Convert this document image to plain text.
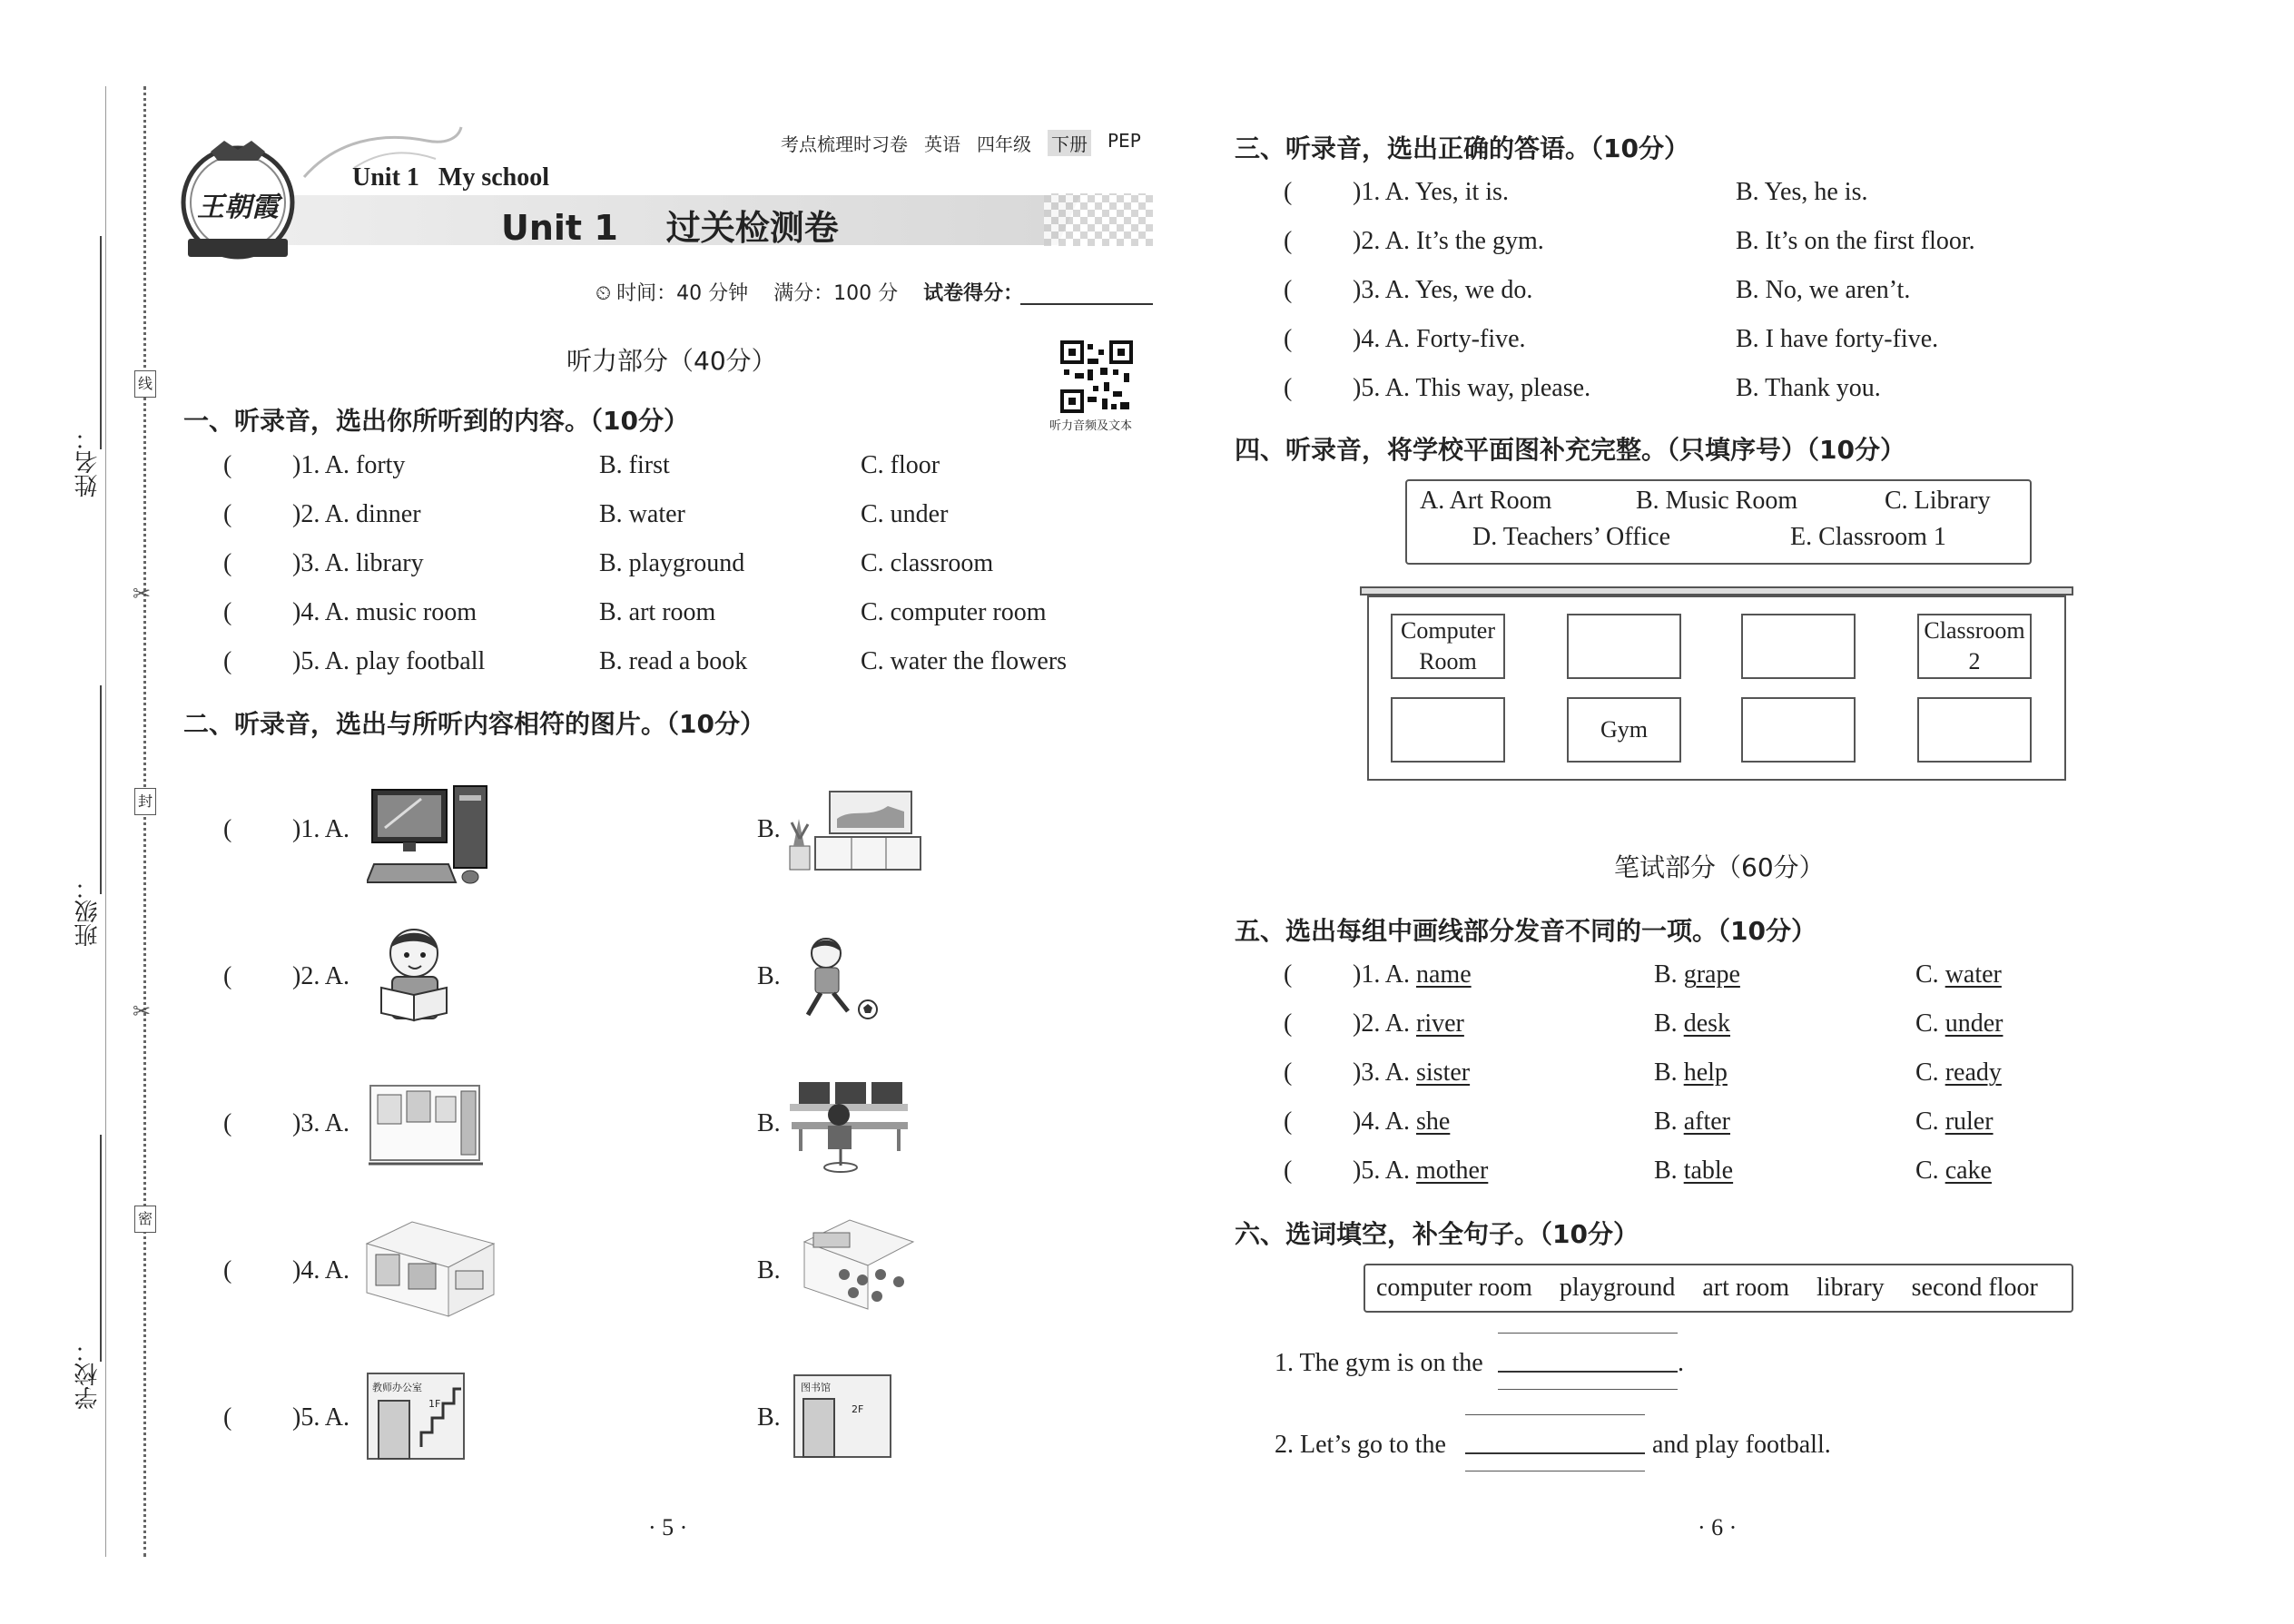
姓名：
班级：
学校：
线
封
密
✂
✂
王朝霞
考点梳理时习卷 英语 四年级 下册 PEP
Unit 1   My school
Unit 1    过关检测卷
⏲ 时间：40 分钟 满分：100 分 试卷得分：
听力部分（40分）
听力音频及文本
一、听录音，选出你所听到的内容。（10分）
二、听录音，选出与所听内容相符的图片。（10分）
教师办公室
1F
图书馆
2F
· 5 ·
三、听录音，选出正确的答语。（10分）
四、听录音，将学校平面图补充完整。（只填序号）（10分）
A. Art Room	B. Music Room	C. Library
D. Teachers’ Office	E. Classroom 1
Computer
Room
Classroom
2
Gym
笔试部分（60分）
五、选出每组中画线部分发音不同的一项。（10分）
六、选词填空，补全句子。（10分）
computer room playground art room library second floor
1. The gym is on the	.
2. Let’s go to the	and play football.
· 6 ·
( )1. A. forty	B. first	C. floor
( )2. A. dinner	B. water	C. under
( )3. A. library	B. playground	C. classroom
( )4. A. music room	B. art room	C. computer room
( )5. A. play football	B. read a book	C. water the flowers
( )1. A.	B.
( )2. A.	B.
( )3. A.	B.
( )4. A.	B.
( )5. A.	B.
( )1. A. Yes, it is.	B. Yes, he is.
( )2. A. It’s the gym.	B. It’s on the first floor.
( )3. A. Yes, we do.	B. No, we aren’t.
( )4. A. Forty-five.	B. I have forty-five.
( )5. A. This way, please.	B. Thank you.
( )1. A. name	B. grape	C. water
( )2. A. river	B. desk	C. under
( )3. A. sister	B. help	C. ready
( )4. A. she	B. after	C. ruler
( )5. A. mother	B. table	C. cake
